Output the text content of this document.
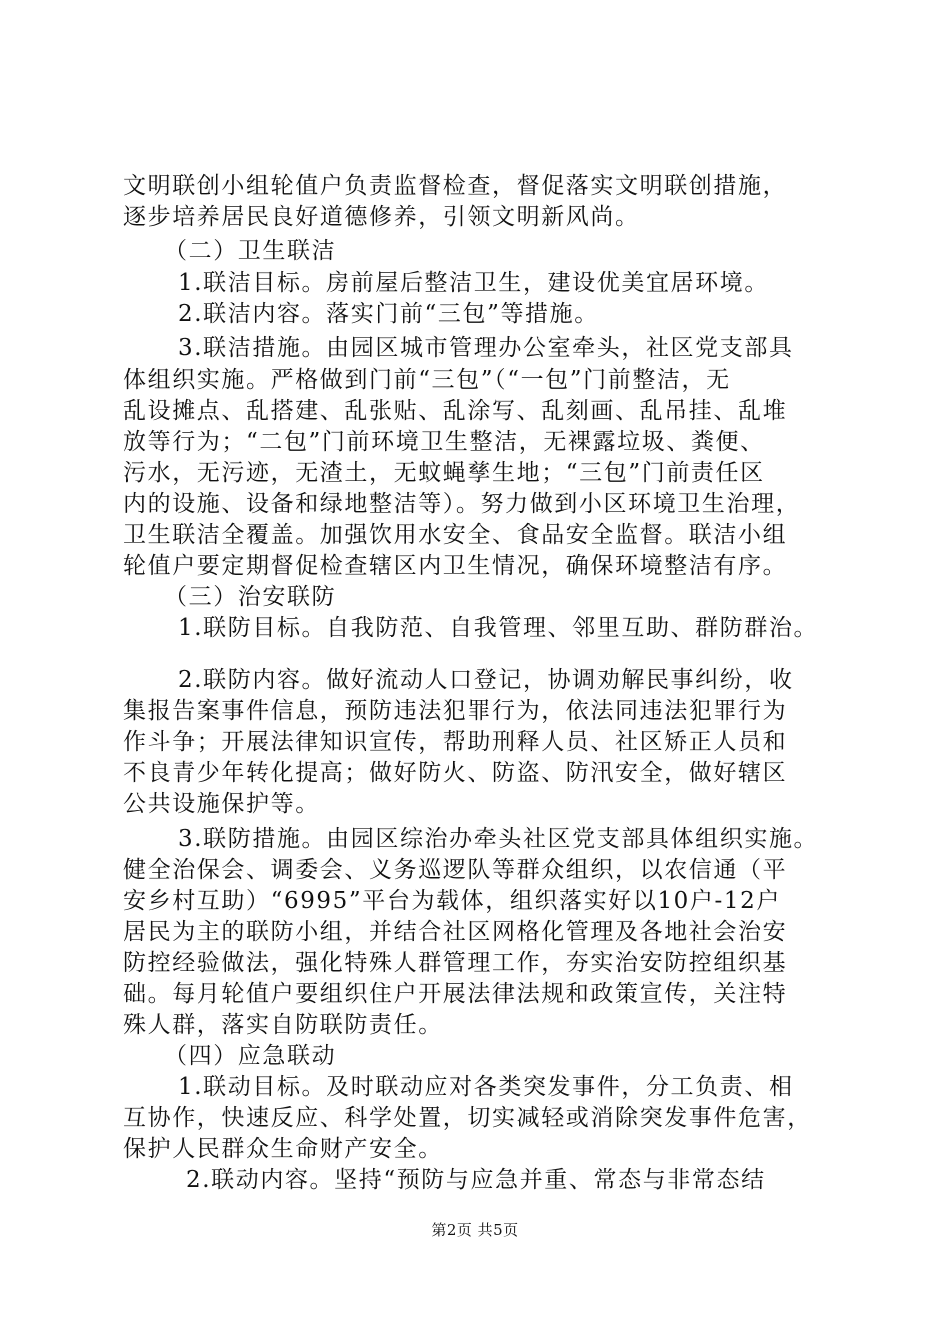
文明联创小组轮值户负责监督检查，督促落实文明联创措施，
逐步培养居民良好道德修养，引领文明新风尚。
（二）卫生联洁
1.联洁目标。房前屋后整洁卫生，建设优美宜居环境。
2.联洁内容。落实门前“三包”等措施。
3.联洁措施。由园区城市管理办公室牵头，社区党支部具
体组织实施。严格做到门前“三包”（“一包”门前整洁，无
乱设摊点、乱搭建、乱张贴、乱涂写、乱刻画、乱吊挂、乱堆
放等行为；“二包”门前环境卫生整洁，无裸露垃圾、粪便、
污水，无污迹，无渣土，无蚊蝇孳生地；“三包”门前责任区
内的设施、设备和绿地整洁等）。努力做到小区环境卫生治理，
卫生联洁全覆盖。加强饮用水安全、食品安全监督。联洁小组
轮值户要定期督促检查辖区内卫生情况，确保环境整洁有序。
（三）治安联防
1.联防目标。自我防范、自我管理、邻里互助、群防群治。
2.联防内容。做好流动人口登记，协调劝解民事纠纷，收
集报告案事件信息，预防违法犯罪行为，依法同违法犯罪行为
作斗争；开展法律知识宣传，帮助刑释人员、社区矫正人员和
不良青少年转化提高；做好防火、防盗、防汛安全，做好辖区
公共设施保护等。
3.联防措施。由园区综治办牵头社区党支部具体组织实施。
健全治保会、调委会、义务巡逻队等群众组织，以农信通（平
安乡村互助）“6995”平台为载体，组织落实好以10户-12户
居民为主的联防小组，并结合社区网格化管理及各地社会治安
防控经验做法，强化特殊人群管理工作，夯实治安防控组织基
础。每月轮值户要组织住户开展法律法规和政策宣传，关注特
殊人群，落实自防联防责任。
（四）应急联动
1.联动目标。及时联动应对各类突发事件，分工负责、相
互协作，快速反应、科学处置，切实减轻或消除突发事件危害，
保护人民群众生命财产安全。
2.联动内容。坚持“预防与应急并重、常态与非常态结
第2页 共5页
